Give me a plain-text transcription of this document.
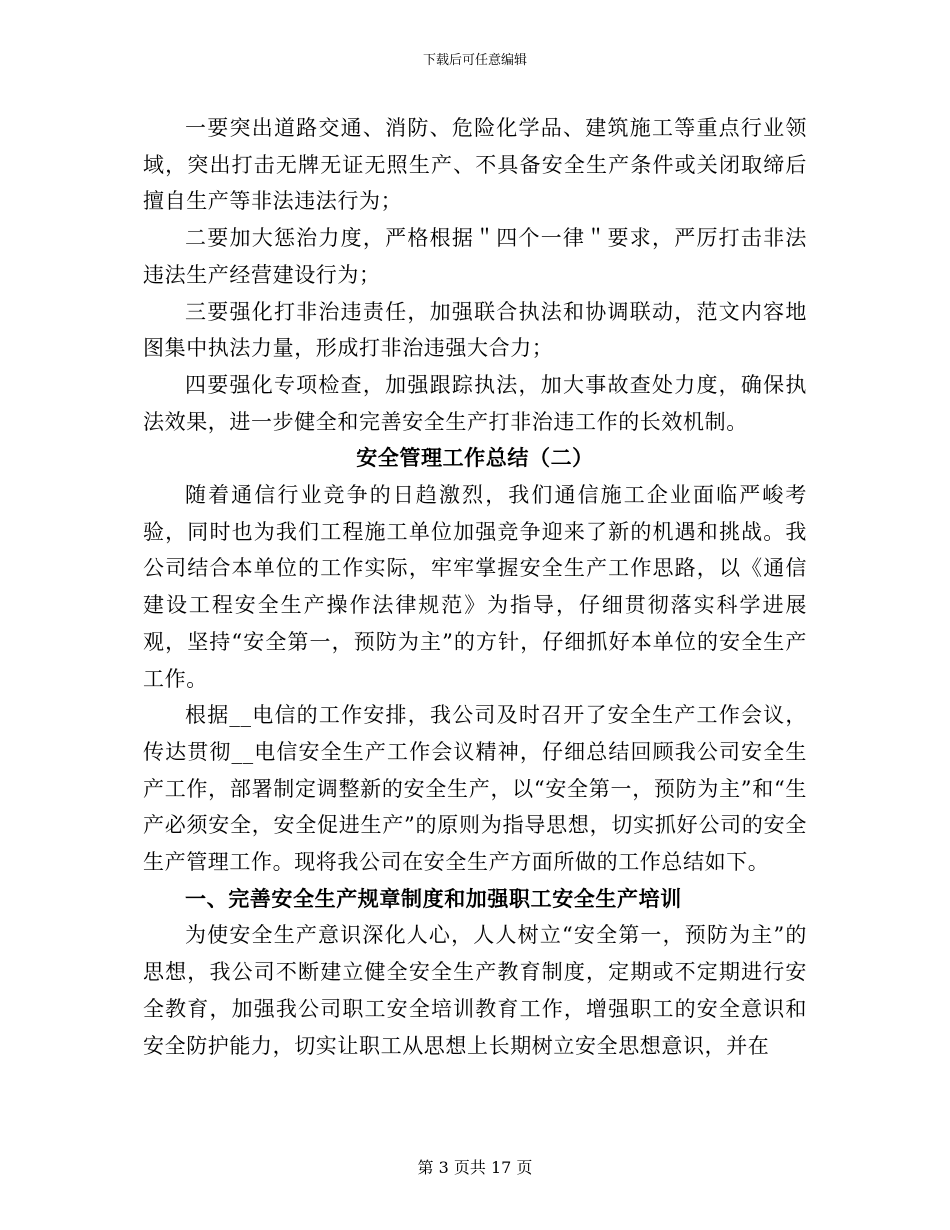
下载后可任意编辑

一要突出道路交通、消防、危险化学品、建筑施工等重点行业领域，突出打击无牌无证无照生产、不具备安全生产条件或关闭取缔后擅自生产等非法违法行为；

二要加大惩治力度，严格根据＂四个一律＂要求，严厉打击非法违法生产经营建设行为；

三要强化打非治违责任，加强联合执法和协调联动，范文内容地图集中执法力量，形成打非治违强大合力；

四要强化专项检查，加强跟踪执法，加大事故查处力度，确保执法效果，进一步健全和完善安全生产打非治违工作的长效机制。

安全管理工作总结（二）

随着通信行业竞争的日趋激烈，我们通信施工企业面临严峻考验，同时也为我们工程施工单位加强竞争迎来了新的机遇和挑战。我公司结合本单位的工作实际，牢牢掌握安全生产工作思路，以《通信建设工程安全生产操作法律规范》为指导，仔细贯彻落实科学进展观，坚持“安全第一，预防为主”的方针，仔细抓好本单位的安全生产工作。

根据__电信的工作安排，我公司及时召开了安全生产工作会议，传达贯彻__电信安全生产工作会议精神，仔细总结回顾我公司安全生产工作，部署制定调整新的安全生产，以“安全第一，预防为主”和“生产必须安全，安全促进生产”的原则为指导思想，切实抓好公司的安全生产管理工作。现将我公司在安全生产方面所做的工作总结如下。

一、完善安全生产规章制度和加强职工安全生产培训

为使安全生产意识深化人心，人人树立“安全第一，预防为主”的思想，我公司不断建立健全安全生产教育制度，定期或不定期进行安全教育，加强我公司职工安全培训教育工作，增强职工的安全意识和安全防护能力，切实让职工从思想上长期树立安全思想意识，并在

第 3 页共 17 页
